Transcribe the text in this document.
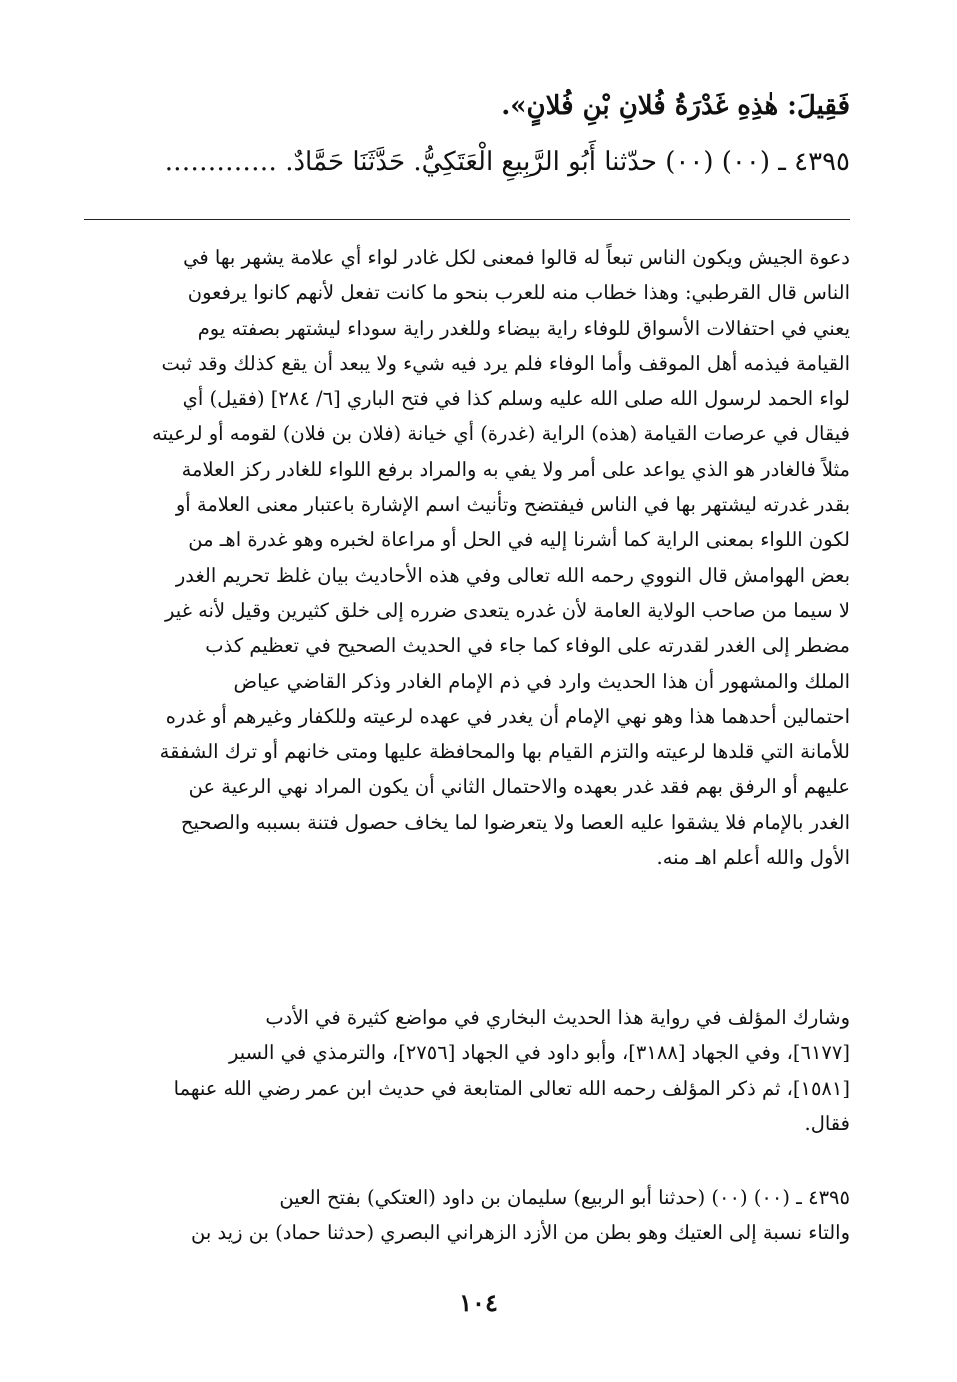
فَقِيلَ: هٰذِهِ غَدْرَةُ فُلانِ بْنِ فُلانٍ».
٤٣٩٥ ـ (٠٠) (٠٠) حدّثنا أَبُو الرَّبِيعِ الْعَتَكِيُّ. حَدَّثَنَا حَمَّادٌ. ………….
دعوة الجيش ويكون الناس تبعاً له قالوا فمعنى لكل غادر لواء أي علامة يشهر بها في
الناس قال القرطبي: وهذا خطاب منه للعرب بنحو ما كانت تفعل لأنهم كانوا يرفعون
يعني في احتفالات الأسواق للوفاء راية بيضاء وللغدر راية سوداء ليشتهر بصفته يوم
القيامة فيذمه أهل الموقف وأما الوفاء فلم يرد فيه شيء ولا يبعد أن يقع كذلك وقد ثبت
لواء الحمد لرسول الله صلى الله عليه وسلم كذا في فتح الباري [٦/ ٢٨٤] (فقيل) أي
فيقال في عرصات القيامة (هذه) الراية (غدرة) أي خيانة (فلان بن فلان) لقومه أو لرعيته
مثلاً فالغادر هو الذي يواعد على أمر ولا يفي به والمراد برفع اللواء للغادر ركز العلامة
بقدر غدرته ليشتهر بها في الناس فيفتضح وتأنيث اسم الإشارة باعتبار معنى العلامة أو
لكون اللواء بمعنى الراية كما أشرنا إليه في الحل أو مراعاة لخبره وهو غدرة اهـ من
بعض الهوامش قال النووي رحمه الله تعالى وفي هذه الأحاديث بيان غلظ تحريم الغدر
لا سيما من صاحب الولاية العامة لأن غدره يتعدى ضرره إلى خلق كثيرين وقيل لأنه غير
مضطر إلى الغدر لقدرته على الوفاء كما جاء في الحديث الصحيح في تعظيم كذب
الملك والمشهور أن هذا الحديث وارد في ذم الإمام الغادر وذكر القاضي عياض
احتمالين أحدهما هذا وهو نهي الإمام أن يغدر في عهده لرعيته وللكفار وغيرهم أو غدره
للأمانة التي قلدها لرعيته والتزم القيام بها والمحافظة عليها ومتى خانهم أو ترك الشفقة
عليهم أو الرفق بهم فقد غدر بعهده والاحتمال الثاني أن يكون المراد نهي الرعية عن
الغدر بالإمام فلا يشقوا عليه العصا ولا يتعرضوا لما يخاف حصول فتنة بسببه والصحيح
الأول والله أعلم اهـ منه.
وشارك المؤلف في رواية هذا الحديث البخاري في مواضع كثيرة في الأدب
[٦١٧٧]، وفي الجهاد [٣١٨٨]، وأبو داود في الجهاد [٢٧٥٦]، والترمذي في السير
[١٥٨١]، ثم ذكر المؤلف رحمه الله تعالى المتابعة في حديث ابن عمر رضي الله عنهما
فقال.
٤٣٩٥ ـ (٠٠) (٠٠) (حدثنا أبو الربيع) سليمان بن داود (العتكي) بفتح العين
والتاء نسبة إلى العتيك وهو بطن من الأزد الزهراني البصري (حدثنا حماد) بن زيد بن
١٠٤
